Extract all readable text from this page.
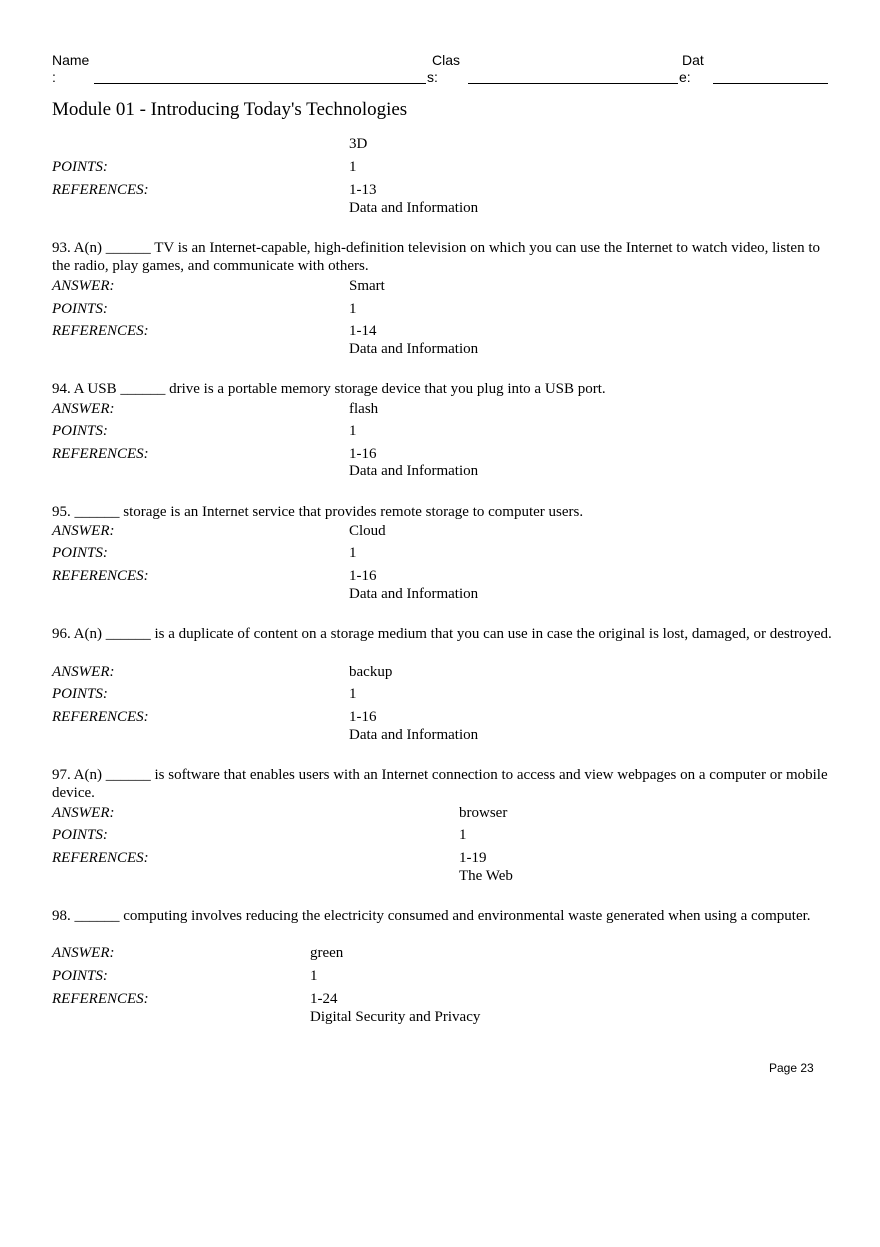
Name
:
Clas
s:
Dat
e:
Module 01 - Introducing Today's Technologies
3D
POINTS:	1
REFERENCES:	1-13
Data and Information
93. A(n) ______ TV is an Internet-capable, high-definition television on which you can use the Internet to watch video, listen to the radio, play games, and communicate with others.
ANSWER:	Smart
POINTS:	1
REFERENCES:	1-14
Data and Information
94. A USB ______ drive is a portable memory storage device that you plug into a USB port.
ANSWER:	flash
POINTS:	1
REFERENCES:	1-16
Data and Information
95. ______ storage is an Internet service that provides remote storage to computer users.
ANSWER:	Cloud
POINTS:	1
REFERENCES:	1-16
Data and Information
96. A(n) ______ is a duplicate of content on a storage medium that you can use in case the original is lost, damaged, or destroyed.
ANSWER:	backup
POINTS:	1
REFERENCES:	1-16
Data and Information
97. A(n) ______ is software that enables users with an Internet connection to access and view webpages on a computer or mobile device.
ANSWER:	browser
POINTS:	1
REFERENCES:	1-19
The Web
98. ______ computing involves reducing the electricity consumed and environmental waste generated when using a computer.
ANSWER:	green
POINTS:	1
REFERENCES:	1-24
Digital Security and Privacy
Page 23
